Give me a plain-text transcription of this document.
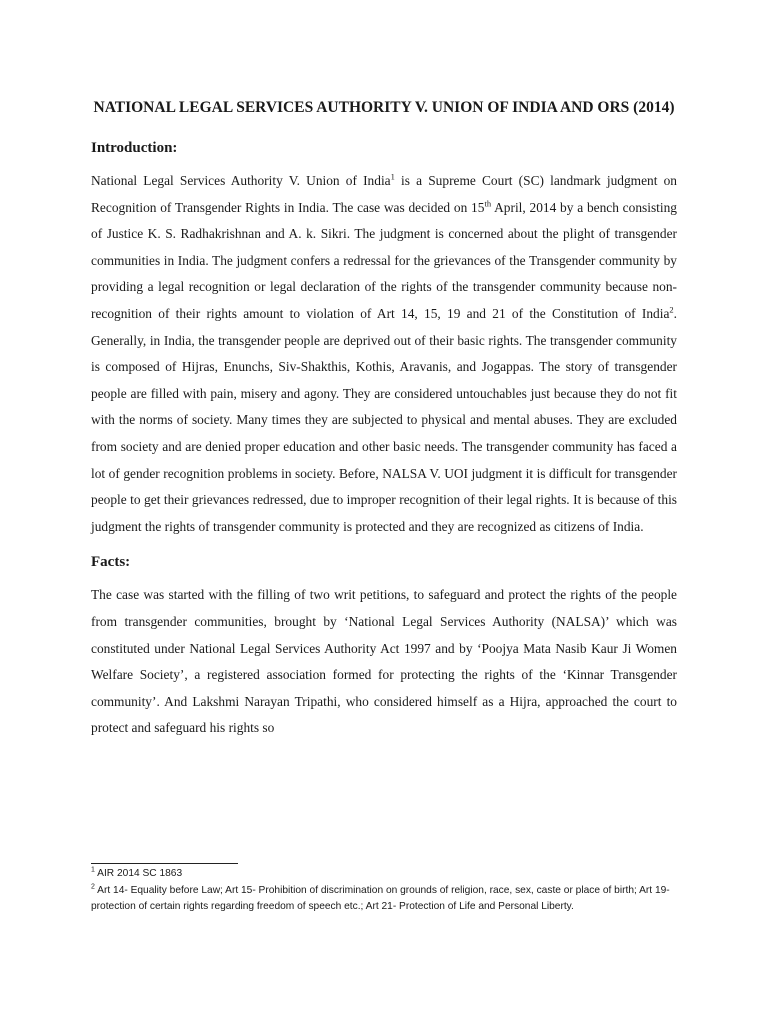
NATIONAL LEGAL SERVICES AUTHORITY V. UNION OF INDIA AND ORS (2014)
Introduction:

National Legal Services Authority V. Union of India$^1$ is a Supreme Court (SC) landmark judgment on Recognition of Transgender Rights in India. The case was decided on 15th April, 2014 by a bench consisting of Justice K. S. Radhakrishnan and A. k. Sikri. The judgment is concerned about the plight of transgender communities in India. The judgment confers a redressal for the grievances of the Transgender community by providing a legal recognition or legal declaration of the rights of the transgender community because non-recognition of their rights amount to violation of Art 14, 15, 19 and 21 of the Constitution of India$^2$. Generally, in India, the transgender people are deprived out of their basic rights. The transgender community is composed of Hijras, Enunchs, Siv-Shakthis, Kothis, Aravanis, and Jogappas. The story of transgender people are filled with pain, misery and agony. They are considered untouchables just because they do not fit with the norms of society. Many times they are subjected to physical and mental abuses. They are excluded from society and are denied proper education and other basic needs. The transgender community has faced a lot of gender recognition problems in society. Before, NALSA V. UOI judgment it is difficult for transgender people to get their grievances redressed, due to improper recognition of their legal rights. It is because of this judgment the rights of transgender community is protected and they are recognized as citizens of India.

Facts:

The case was started with the filling of two writ petitions, to safeguard and protect the rights of the people from transgender communities, brought by ‘National Legal Services Authority (NALSA)’ which was constituted under National Legal Services Authority Act 1997 and by ‘Poojya Mata Nasib Kaur Ji Women Welfare Society’, a registered association formed for protecting the rights of the ‘Kinnar Transgender community’. And Lakshmi Narayan Tripathi, who considered himself as a Hijra, approached the court to protect and safeguard his rights so

$^1$ AIR 2014 SC 1863

$^2$ Art 14- Equality before Law; Art 15- Prohibition of discrimination on grounds of religion, race, sex, caste or place of birth; Art 19- protection of certain rights regarding freedom of speech etc.; Art 21- Protection of Life and Personal Liberty.
